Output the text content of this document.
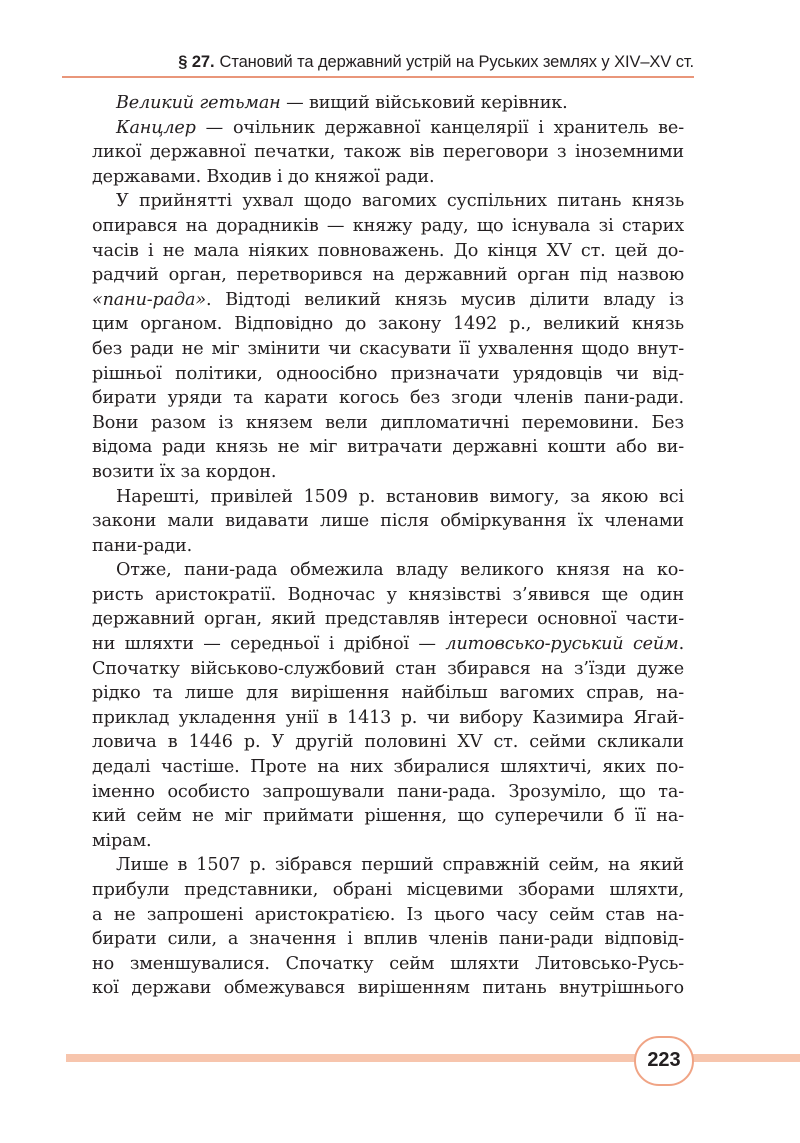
§ 27. Становий та державний устрій на Руських землях у XIV–XV ст.
Великий гетьман — вищий військовий керівник.
Канцлер — очільник державної канцелярії і хранитель ве-
ликої державної печатки, також вів переговори з іноземними
державами. Входив і до княжої ради.
У прийнятті ухвал щодо вагомих суспільних питань князь
опирався на дорадників — княжу раду, що існувала зі старих
часів і не мала ніяких повноважень. До кінця XV ст. цей до-
радчий орган, перетворився на державний орган під назвою
«пани-рада». Відтоді великий князь мусив ділити владу із
цим органом. Відповідно до закону 1492 р., великий князь
без ради не міг змінити чи скасувати її ухвалення щодо внут-
рішньої політики, одноосібно призначати урядовців чи від-
бирати уряди та карати когось без згоди членів пани-ради.
Вони разом із князем вели дипломатичні перемовини. Без
відома ради князь не міг витрачати державні кошти або ви-
возити їх за кордон.
Нарешті, привілей 1509 р. встановив вимогу, за якою всі
закони мали видавати лише після обміркування їх членами
пани-ради.
Отже, пани-рада обмежила владу великого князя на ко-
ристь аристократії. Водночас у князівстві з’явився ще один
державний орган, який представляв інтереси основної части-
ни шляхти — середньої і дрібної — литовсько-руський сейм.
Спочатку військово-службовий стан збирався на з’їзди дуже
рідко та лише для вирішення найбільш вагомих справ, на-
приклад укладення унії в 1413 р. чи вибору Казимира Ягай-
ловича в 1446 р. У другій половині XV ст. сейми скликали
дедалі частіше. Проте на них збиралися шляхтичі, яких по-
іменно особисто запрошували пани-рада. Зрозуміло, що та-
кий сейм не міг приймати рішення, що суперечили б її на-
мірам.
Лише в 1507 р. зібрався перший справжній сейм, на який
прибули представники, обрані місцевими зборами шляхти,
а не запрошені аристократією. Із цього часу сейм став на-
бирати сили, а значення і вплив членів пани-ради відповід-
но зменшувалися. Спочатку сейм шляхти Литовсько-Русь-
кої держави обмежувався вирішенням питань внутрішнього
223
